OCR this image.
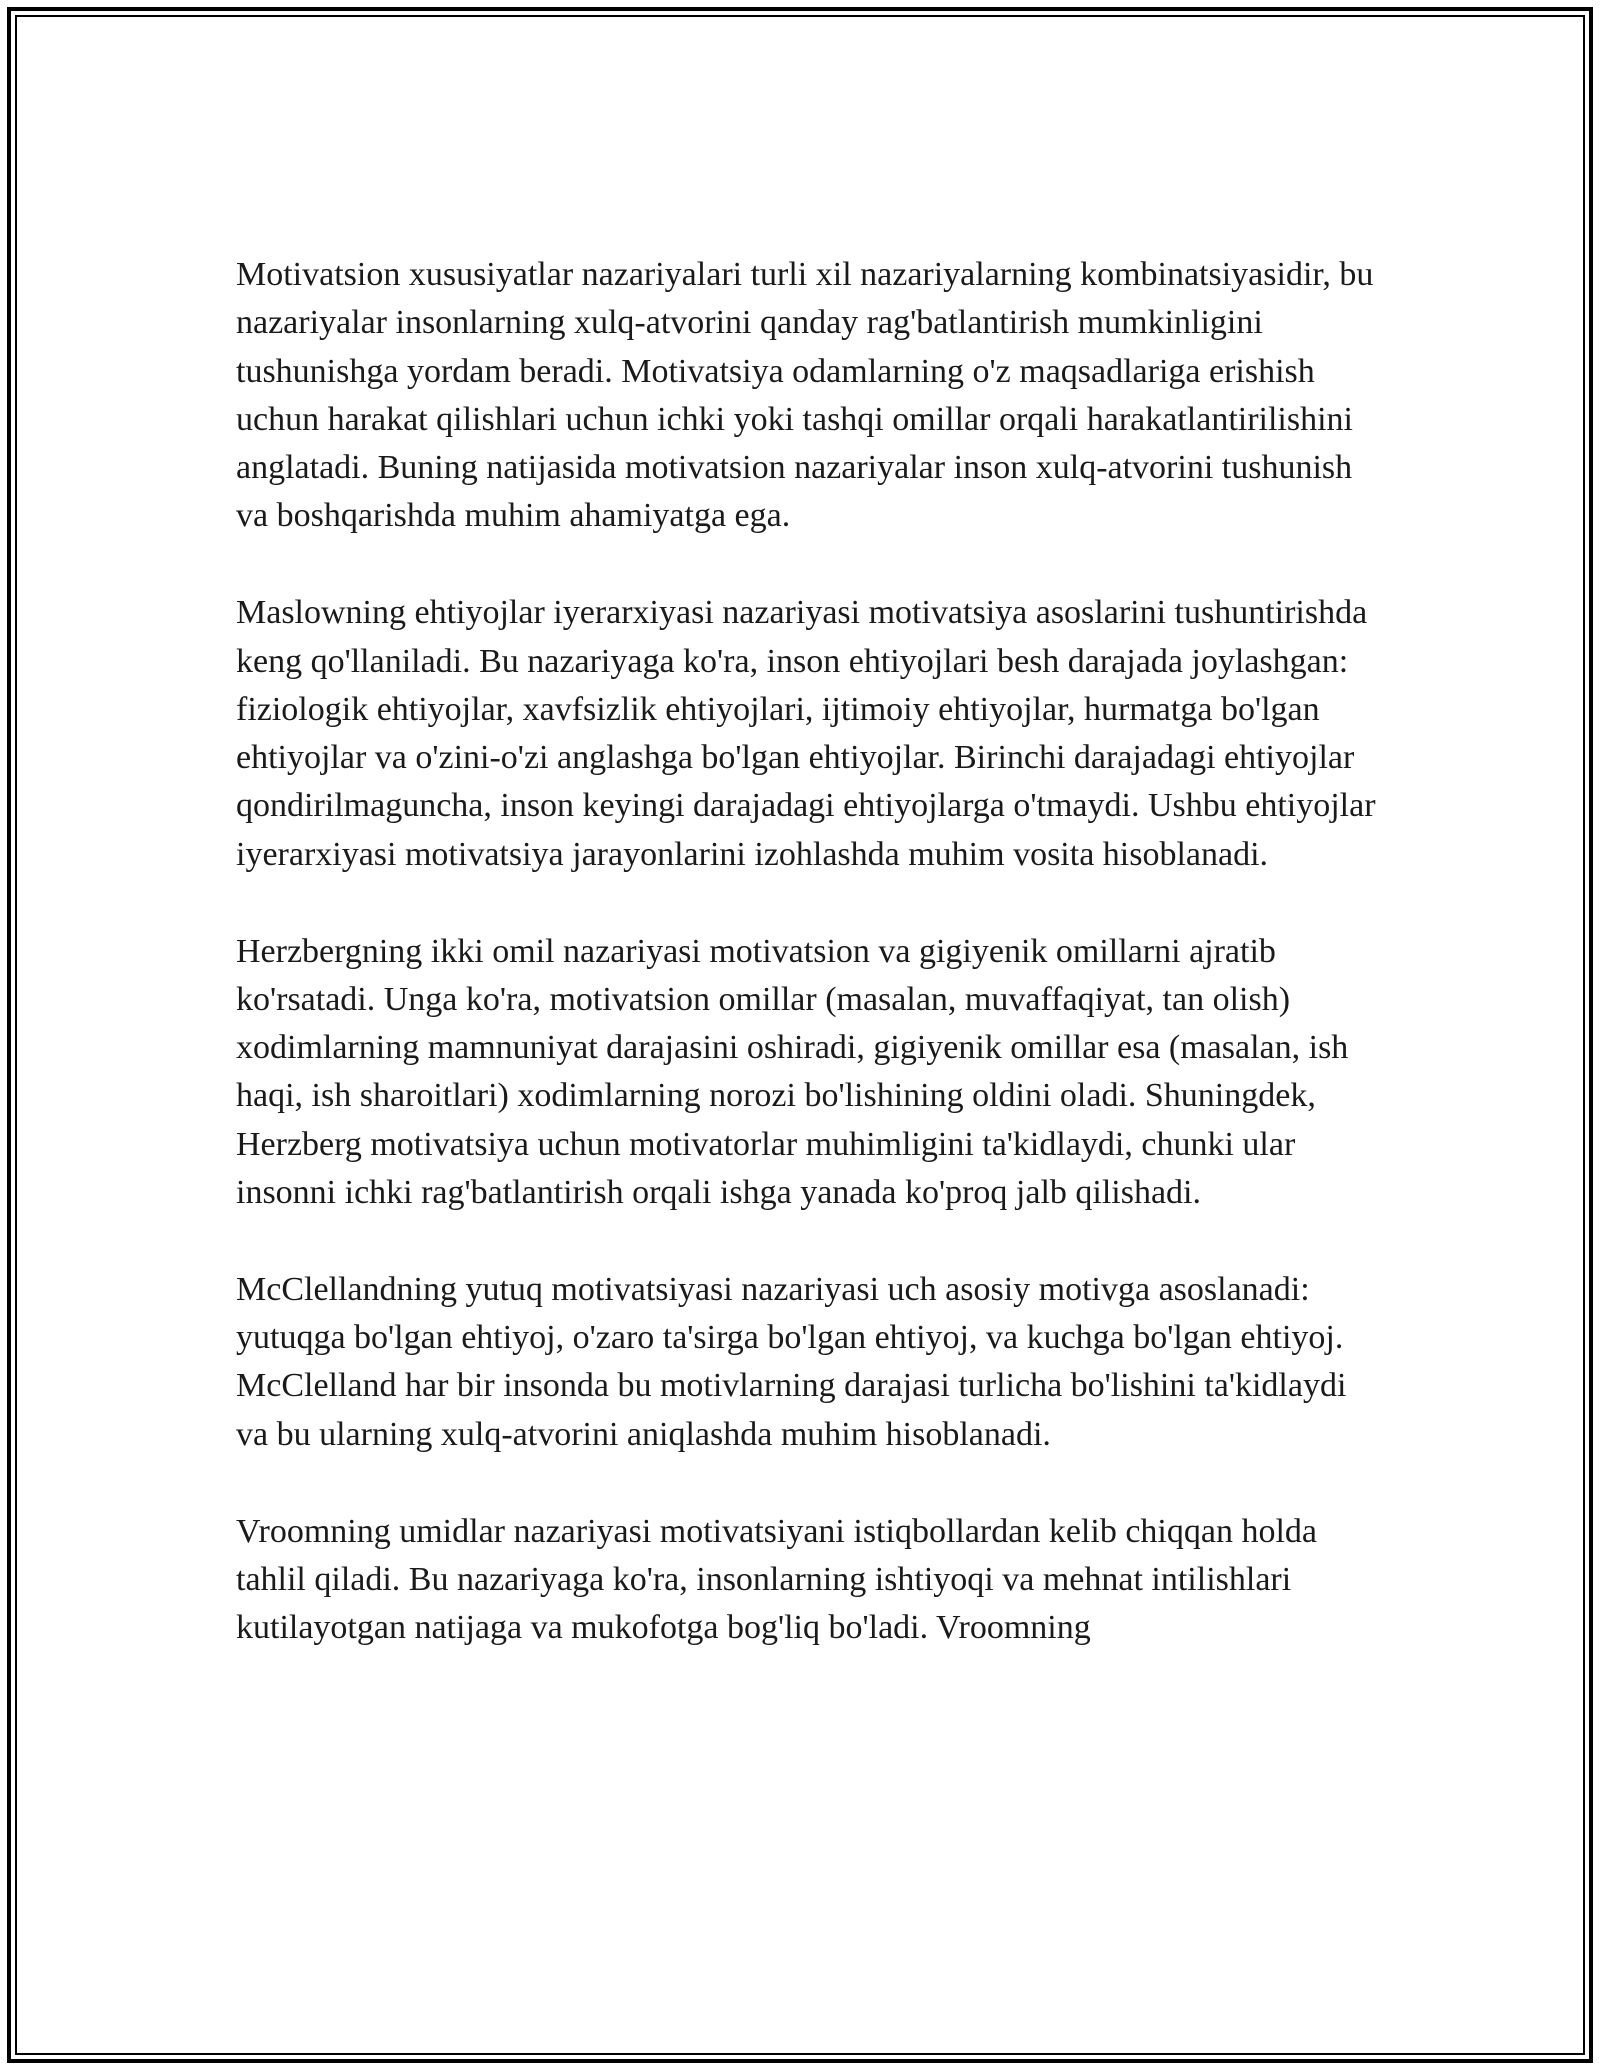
Motivatsion xususiyatlar nazariyalari turli xil nazariyalarning kombinatsiyasidir, bu nazariyalar insonlarning xulq-atvorini qanday rag'batlantirish mumkinligini tushunishga yordam beradi. Motivatsiya odamlarning o'z maqsadlariga erishish uchun harakat qilishlari uchun ichki yoki tashqi omillar orqali harakatlantirilishini anglatadi. Buning natijasida motivatsion nazariyalar inson xulq-atvorini tushunish va boshqarishda muhim ahamiyatga ega.

Maslowning ehtiyojlar iyerarxiyasi nazariyasi motivatsiya asoslarini tushuntirishda keng qo'llaniladi. Bu nazariyaga ko'ra, inson ehtiyojlari besh darajada joylashgan: fiziologik ehtiyojlar, xavfsizlik ehtiyojlari, ijtimoiy ehtiyojlar, hurmatga bo'lgan ehtiyojlar va o'zini-o'zi anglashga bo'lgan ehtiyojlar. Birinchi darajadagi ehtiyojlar qondirilmaguncha, inson keyingi darajadagi ehtiyojlarga o'tmaydi. Ushbu ehtiyojlar iyerarxiyasi motivatsiya jarayonlarini izohlashda muhim vosita hisoblanadi.

Herzbergning ikki omil nazariyasi motivatsion va gigiyenik omillarni ajratib ko'rsatadi. Unga ko'ra, motivatsion omillar (masalan, muvaffaqiyat, tan olish) xodimlarning mamnuniyat darajasini oshiradi, gigiyenik omillar esa (masalan, ish haqi, ish sharoitlari) xodimlarning norozi bo'lishining oldini oladi. Shuningdek, Herzberg motivatsiya uchun motivatorlar muhimligini ta'kidlaydi, chunki ular insonni ichki rag'batlantirish orqali ishga yanada ko'proq jalb qilishadi.

McClellandning yutuq motivatsiyasi nazariyasi uch asosiy motivga asoslanadi: yutuqga bo'lgan ehtiyoj, o'zaro ta'sirga bo'lgan ehtiyoj, va kuchga bo'lgan ehtiyoj. McClelland har bir insonda bu motivlarning darajasi turlicha bo'lishini ta'kidlaydi va bu ularning xulq-atvorini aniqlashda muhim hisoblanadi.

Vroomning umidlar nazariyasi motivatsiyani istiqbollardan kelib chiqqan holda tahlil qiladi. Bu nazariyaga ko'ra, insonlarning ishtiyoqi va mehnat intilishlari kutilayotgan natijaga va mukofotga bog'liq bo'ladi. Vroomning
